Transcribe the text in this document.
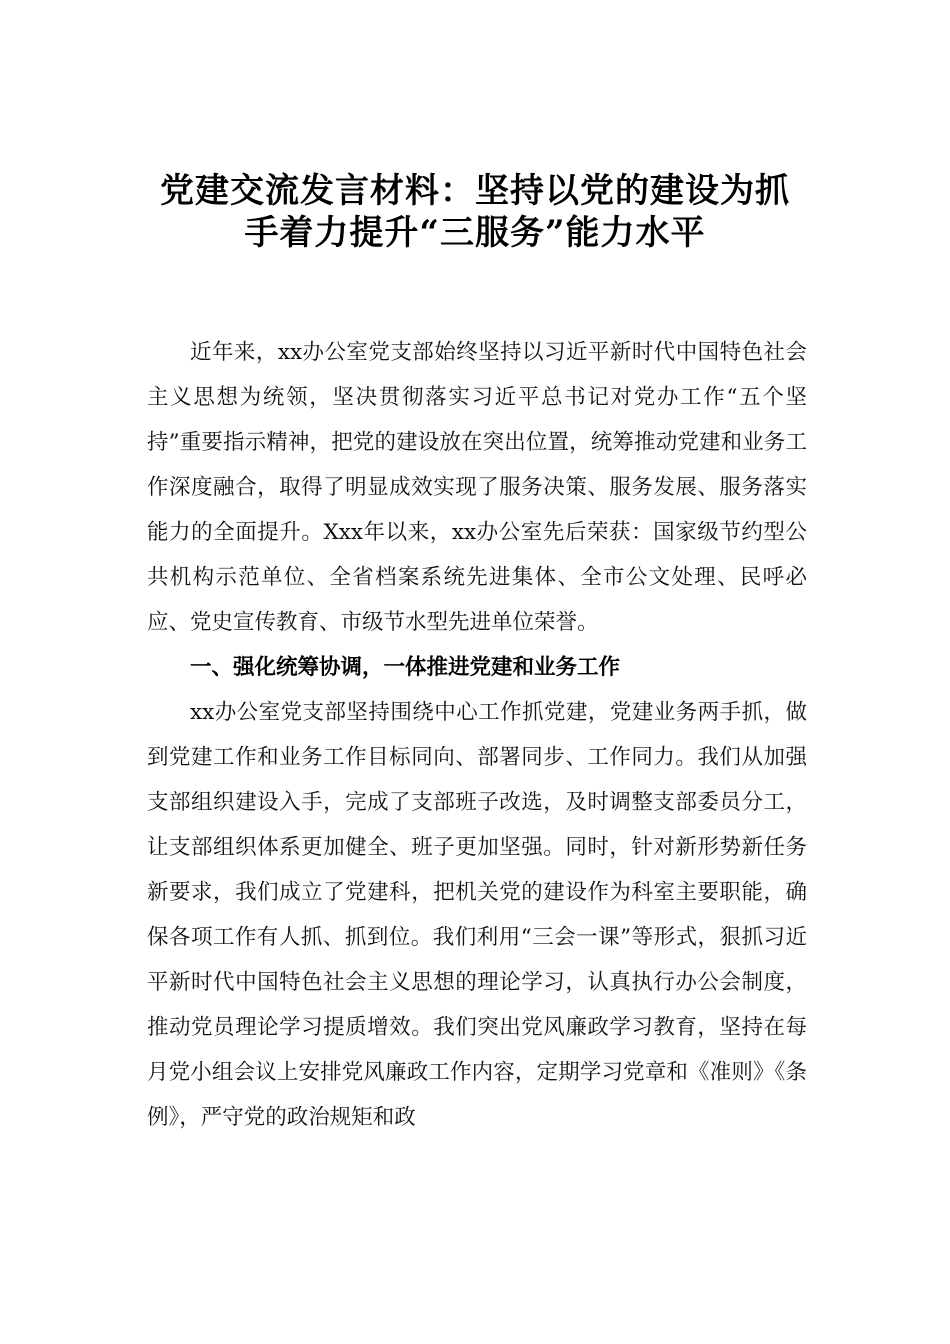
党建交流发言材料：坚持以党的建设为抓
手着力提升“三服务”能力水平

近年来，xx办公室党支部始终坚持以习近平新时代中国特色社会主义思想为统领，坚决贯彻落实习近平总书记对党办工作“五个坚持”重要指示精神，把党的建设放在突出位置，统筹推动党建和业务工作深度融合，取得了明显成效实现了服务决策、服务发展、服务落实能力的全面提升。Xxx年以来，xx办公室先后荣获：国家级节约型公共机构示范单位、全省档案系统先进集体、全市公文处理、民呼必应、党史宣传教育、市级节水型先进单位荣誉。

一、强化统筹协调，一体推进党建和业务工作

xx办公室党支部坚持围绕中心工作抓党建，党建业务两手抓，做到党建工作和业务工作目标同向、部署同步、工作同力。我们从加强支部组织建设入手，完成了支部班子改选，及时调整支部委员分工，让支部组织体系更加健全、班子更加坚强。同时，针对新形势新任务新要求，我们成立了党建科，把机关党的建设作为科室主要职能，确保各项工作有人抓、抓到位。我们利用“三会一课”等形式，狠抓习近平新时代中国特色社会主义思想的理论学习，认真执行办公会制度，推动党员理论学习提质增效。我们突出党风廉政学习教育，坚持在每月党小组会议上安排党风廉政工作内容，定期学习党章和《准则》《条例》，严守党的政治规矩和政
